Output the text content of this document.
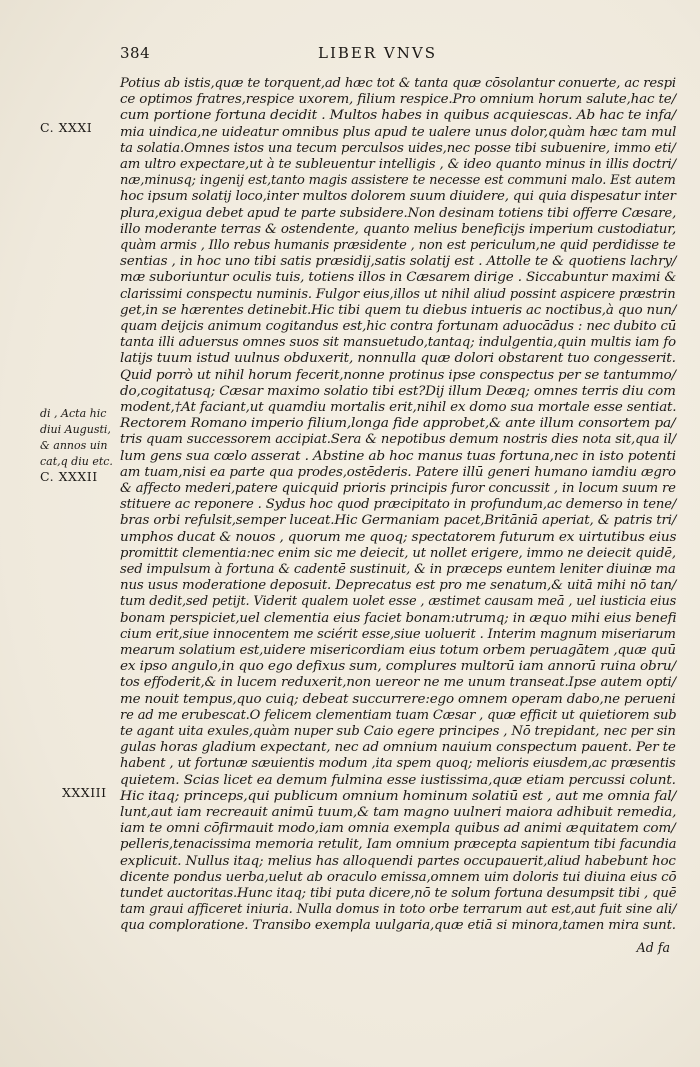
384	LIBER VNVS
C. XXXI
di , Acta hic
diui Augusti,
& annos uin
cat,q diu etc.
C. XXXII
XXXIII
Potius ab istis,quæ te torquent,ad hæc tot & tanta quæ cōsolantur conuerte, ac respi
ce optimos fratres,respice uxorem, filium respice.Pro omnium horum salute,hac te/
cum portione fortuna decidit . Multos habes in quibus acquiescas. Ab hac te infa/
mia uindica,ne uideatur omnibus plus apud te ualere unus dolor,quàm hæc tam mul
ta solatia.Omnes istos una tecum perculsos uides,nec posse tibi subuenire, immo eti/
am ultro expectare,ut à te subleuentur intelligis , & ideo quanto minus in illis doctri/
næ,minusq; ingenij est,tanto magis assistere te necesse est communi malo. Est autem
hoc ipsum solatij loco,inter multos dolorem suum diuidere, qui quia dispesatur inter
plura,exigua debet apud te parte subsidere.Non desinam totiens tibi offerre Cæsare,
illo moderante terras & ostendente, quanto melius beneficijs imperium custodiatur,
quàm armis , Illo rebus humanis præsidente , non est periculum,ne quid perdidisse te
sentias , in hoc uno tibi satis præsidij,satis solatij est . Attolle te & quotiens lachry/
mæ suboriuntur oculis tuis, totiens illos in Cæsarem dirige . Siccabuntur maximi &
clarissimi conspectu numinis. Fulgor eius,illos ut nihil aliud possint aspicere præstrin
get,in se hærentes detinebit.Hic tibi quem tu diebus intueris ac noctibus,à quo nun/
quam deijcis animum cogitandus est,hic contra fortunam aduocādus : nec dubito cū
tanta illi aduersus omnes suos sit mansuetudo,tantaq; indulgentia,quin multis iam fo
latijs tuum istud uulnus obduxerit, nonnulla quæ dolori obstarent tuo congesserit.
Quid porrò ut nihil horum fecerit,nonne protinus ipse conspectus per se tantummo/
do,cogitatusq; Cæsar maximo solatio tibi est?Dij illum Deæq; omnes terris diu com
modent,†At faciant,ut quamdiu mortalis erit,nihil ex domo sua mortale esse sentiat.
Rectorem Romano imperio filium,longa fide approbet,& ante illum consortem pa/
tris quam successorem accipiat.Sera & nepotibus demum nostris dies nota sit,qua il/
lum gens sua cœlo asserat . Abstine ab hoc manus tuas fortuna,nec in isto potenti
am tuam,nisi ea parte qua prodes,ostēderis. Patere illū generi humano iamdiu ægro
& affecto mederi,patere quicquid prioris principis furor concussit , in locum suum re
stituere ac reponere . Sydus hoc quod præcipitato in profundum,ac demerso in tene/
bras orbi refulsit,semper luceat.Hic Germaniam pacet,Britāniā aperiat, & patris tri/
umphos ducat & nouos , quorum me quoq; spectatorem futurum ex uirtutibus eius
promittit clementia:nec enim sic me deiecit, ut nollet erigere, immo ne deiecit quidē,
sed impulsum à fortuna & cadentē sustinuit, & in præceps euntem leniter diuinæ ma
nus usus moderatione deposuit. Deprecatus est pro me senatum,& uitā mihi nō tan/
tum dedit,sed petijt. Viderit qualem uolet esse , æstimet causam meā , uel iusticia eius
bonam perspiciet,uel clementia eius faciet bonam:utrumq; in æquo mihi eius benefi
cium erit,siue innocentem me sciérit esse,siue uoluerit . Interim magnum miseriarum
mearum solatium est,uidere misericordiam eius totum orbem peruagātem ,quæ quū
ex ipso angulo,in quo ego defixus sum, complures multorū iam annorū ruina obru/
tos effoderit,& in lucem reduxerit,non uereor ne me unum transeat.Ipse autem opti/
me nouit tempus,quo cuiq; debeat succurrere:ego omnem operam dabo,ne perueni
re ad me erubescat.O felicem clementiam tuam Cæsar , quæ efficit ut quietiorem sub
te agant uita exules,quàm nuper sub Caio egere principes , Nō trepidant, nec per sin
gulas horas gladium expectant, nec ad omnium nauium conspectum pauent. Per te
habent , ut fortunæ sæuientis modum ,ita spem quoq; melioris eiusdem,ac præsentis
quietem. Scias licet ea demum fulmina esse iustissima,quæ etiam percussi colunt.
Hic itaq; princeps,qui publicum omnium hominum solatiū est , aut me omnia fal/
lunt,aut iam recreauit animū tuum,& tam magno uulneri maiora adhibuit remedia,
iam te omni cōfirmauit modo,iam omnia exempla quibus ad animi æquitatem com/
pelleris,tenacissima memoria retulit, Iam omnium præcepta sapientum tibi facundia
explicuit. Nullus itaq; melius has alloquendi partes occupauerit,aliud habebunt hoc
dicente pondus uerba,uelut ab oraculo emissa,omnem uim doloris tui diuina eius cō
tundet auctoritas.Hunc itaq; tibi puta dicere,nō te solum fortuna desumpsit tibi , quē
tam graui afficeret iniuria. Nulla domus in toto orbe terrarum aut est,aut fuit sine ali/
qua comploratione. Transibo exempla uulgaria,quæ etiā si minora,tamen mira sunt.
Ad fa
